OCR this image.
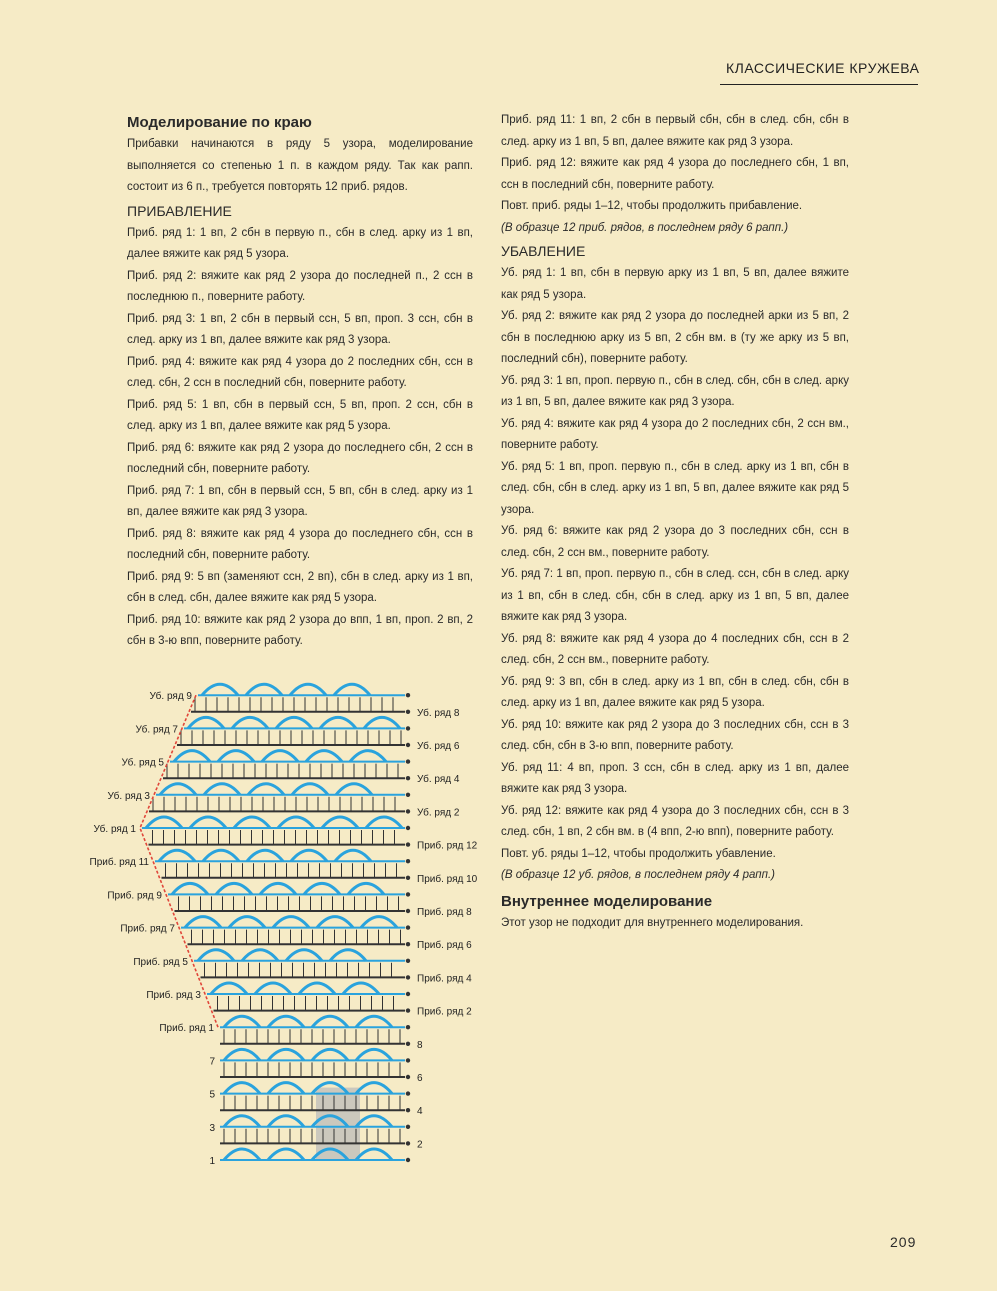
КЛАССИЧЕСКИЕ КРУЖЕВА

Моделирование по краю

Прибавки начинаются в ряду 5 узора, моделирование выполняется со степенью 1 п. в каждом ряду. Так как рапп. состоит из 6 п., требуется повторять 12 приб. рядов.

ПРИБАВЛЕНИЕ

Приб. ряд 1: 1 вп, 2 сбн в первую п., сбн в след. арку из 1 вп, далее вяжите как ряд 5 узора.

Приб. ряд 2: вяжите как ряд 2 узора до последней п., 2 ссн в последнюю п., поверните работу.

Приб. ряд 3: 1 вп, 2 сбн в первый ссн, 5 вп, проп. 3 ссн, сбн в след. арку из 1 вп, далее вяжите как ряд 3 узора.

Приб. ряд 4: вяжите как ряд 4 узора до 2 последних сбн, ссн в след. сбн, 2 ссн в последний сбн, поверните работу.

Приб. ряд 5: 1 вп, сбн в первый ссн, 5 вп, проп. 2 ссн, сбн в след. арку из 1 вп, далее вяжите как ряд 5 узора.

Приб. ряд 6: вяжите как ряд 2 узора до последнего сбн, 2 ссн в последний сбн, поверните работу.

Приб. ряд 7: 1 вп, сбн в первый ссн, 5 вп, сбн в след. арку из 1 вп, далее вяжите как ряд 3 узора.

Приб. ряд 8: вяжите как ряд 4 узора до последнего сбн, ссн в последний сбн, поверните работу.

Приб. ряд 9: 5 вп (заменяют ссн, 2 вп), сбн в след. арку из 1 вп, сбн в след. сбн, далее вяжите как ряд 5 узора.

Приб. ряд 10: вяжите как ряд 2 узора до впп, 1 вп, проп. 2 вп, 2 сбн в 3-ю впп, поверните работу.

Приб. ряд 11: 1 вп, 2 сбн в первый сбн, сбн в след. сбн, сбн в след. арку из 1 вп, 5 вп, далее вяжите как ряд 3 узора.

Приб. ряд 12: вяжите как ряд 4 узора до последнего сбн, 1 вп, ссн в последний сбн, поверните работу.

Повт. приб. ряды 1–12, чтобы продолжить прибавление.

(В образце 12 приб. рядов, в последнем ряду 6 рапп.)

УБАВЛЕНИЕ

Уб. ряд 1: 1 вп, сбн в первую арку из 1 вп, 5 вп, далее вяжите как ряд 5 узора.

Уб. ряд 2: вяжите как ряд 2 узора до последней арки из 5 вп, 2 сбн в последнюю арку из 5 вп, 2 сбн вм. в (ту же арку из 5 вп, последний сбн), поверните работу.

Уб. ряд 3: 1 вп, проп. первую п., сбн в след. сбн, сбн в след. арку из 1 вп, 5 вп, далее вяжите как ряд 3 узора.

Уб. ряд 4: вяжите как ряд 4 узора до 2 последних сбн, 2 ссн вм., поверните работу.

Уб. ряд 5: 1 вп, проп. первую п., сбн в след. арку из 1 вп, сбн в след. сбн, сбн в след. арку из 1 вп, 5 вп, далее вяжите как ряд 5 узора.

Уб. ряд 6: вяжите как ряд 2 узора до 3 последних сбн, ссн в след. сбн, 2 ссн вм., поверните работу.

Уб. ряд 7: 1 вп, проп. первую п., сбн в след. ссн, сбн в след. арку из 1 вп, сбн в след. сбн, сбн в след. арку из 1 вп, 5 вп, далее вяжите как ряд 3 узора.

Уб. ряд 8: вяжите как ряд 4 узора до 4 последних сбн, ссн в 2 след. сбн, 2 ссн вм., поверните работу.

Уб. ряд 9: 3 вп, сбн в след. арку из 1 вп, сбн в след. сбн, сбн в след. арку из 1 вп, далее вяжите как ряд 5 узора.

Уб. ряд 10: вяжите как ряд 2 узора до 3 последних сбн, ссн в 3 след. сбн, сбн в 3-ю впп, поверните работу.

Уб. ряд 11: 4 вп, проп. 3 ссн, сбн в след. арку из 1 вп, далее вяжите как ряд 3 узора.

Уб. ряд 12: вяжите как ряд 4 узора до 3 последних сбн, ссн в 3 след. сбн, 1 вп, 2 сбн вм. в (4 впп, 2-ю впп), поверните работу.

Повт. уб. ряды 1–12, чтобы продолжить убавление.

(В образце 12 уб. рядов, в последнем ряду 4 рапп.)

Внутреннее моделирование

Этот узор не подходит для внутреннего моделирования.

1
2
3
4
5
6
7
8
Приб. ряд 1
Приб. ряд 2
Приб. ряд 3
Приб. ряд 4
Приб. ряд 5
Приб. ряд 6
Приб. ряд 7
Приб. ряд 8
Приб. ряд 9
Приб. ряд 10
Приб. ряд 11
Приб. ряд 12
Уб. ряд 1
Уб. ряд 2
Уб. ряд 3
Уб. ряд 4
Уб. ряд 5
Уб. ряд 6
Уб. ряд 7
Уб. ряд 8
Уб. ряд 9
209
